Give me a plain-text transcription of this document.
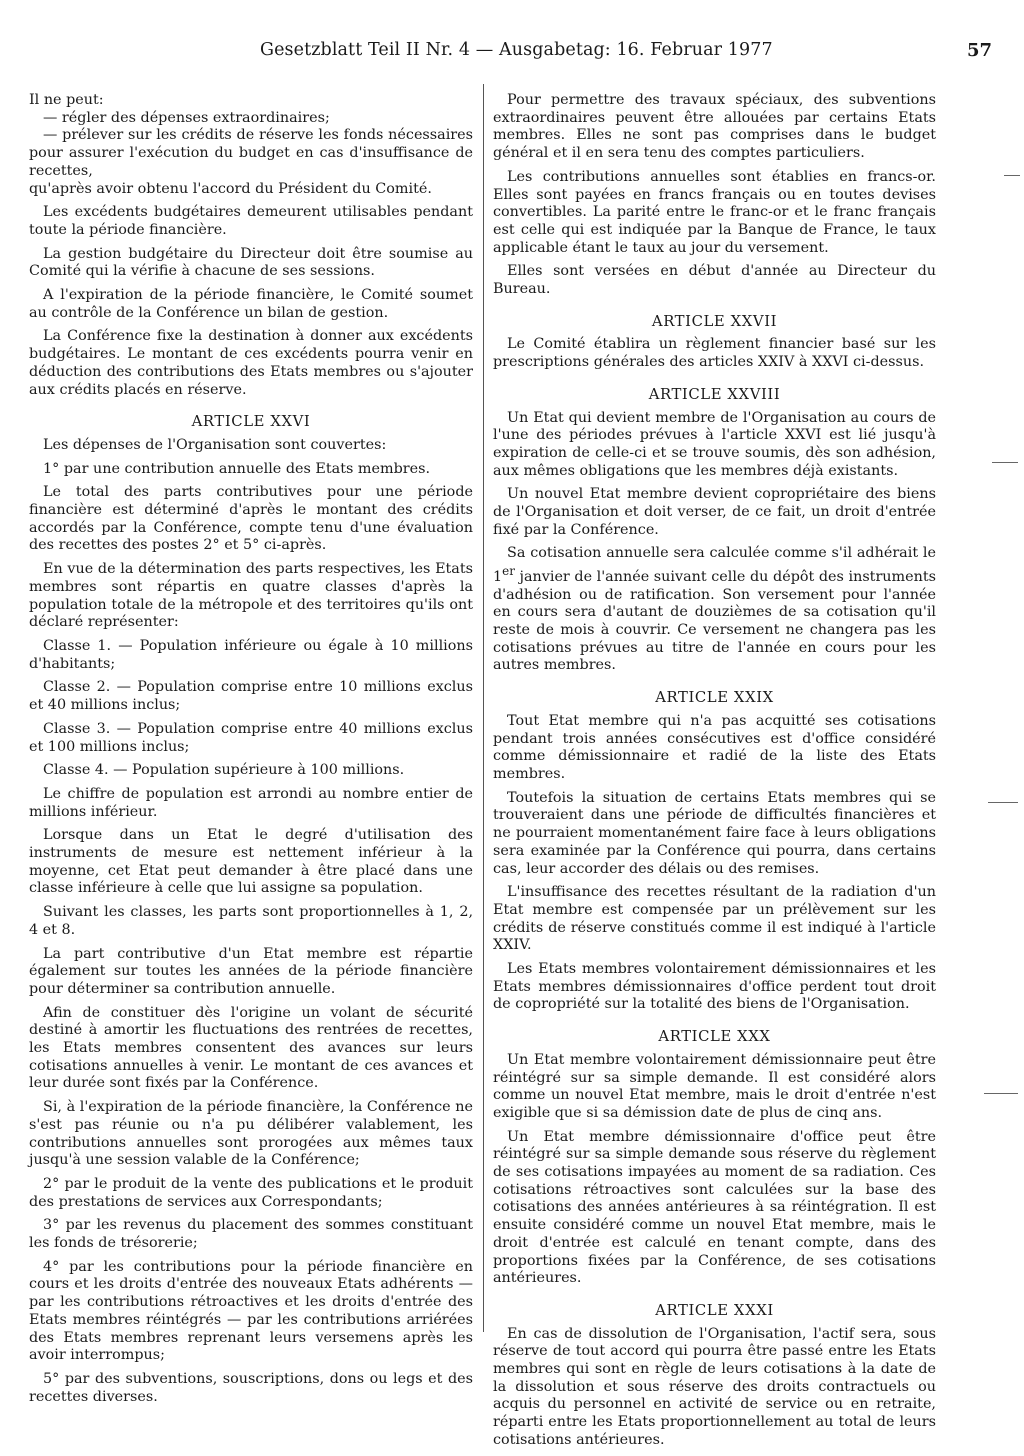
Gesetzblatt Teil II Nr. 4 — Ausgabetag: 16. Februar 1977	57

Il ne peut:

— régler des dépenses extraordinaires;

— prélever sur les crédits de réserve les fonds nécessaires pour assurer l'exécution du budget en cas d'insuffisance de recettes,

qu'après avoir obtenu l'accord du Président du Comité.

Les excédents budgétaires demeurent utilisables pendant toute la période financière.

La gestion budgétaire du Directeur doit être soumise au Comité qui la vérifie à chacune de ses sessions.

A l'expiration de la période financière, le Comité soumet au contrôle de la Conférence un bilan de gestion.

La Conférence fixe la destination à donner aux excédents budgétaires. Le montant de ces excédents pourra venir en déduction des contributions des Etats membres ou s'ajouter aux crédits placés en réserve.

ARTICLE XXVI

Les dépenses de l'Organisation sont couvertes:

1° par une contribution annuelle des Etats membres.

Le total des parts contributives pour une période financière est déterminé d'après le montant des crédits accordés par la Conférence, compte tenu d'une évaluation des recettes des postes 2° et 5° ci-après.

En vue de la détermination des parts respectives, les Etats membres sont répartis en quatre classes d'après la population totale de la métropole et des territoires qu'ils ont déclaré représenter:

Classe 1. — Population inférieure ou égale à 10 millions d'habitants;

Classe 2. — Population comprise entre 10 millions exclus et 40 millions inclus;

Classe 3. — Population comprise entre 40 millions exclus et 100 millions inclus;

Classe 4. — Population supérieure à 100 millions.

Le chiffre de population est arrondi au nombre entier de millions inférieur.

Lorsque dans un Etat le degré d'utilisation des instruments de mesure est nettement inférieur à la moyenne, cet Etat peut demander à être placé dans une classe inférieure à celle que lui assigne sa population.

Suivant les classes, les parts sont proportionnelles à 1, 2, 4 et 8.

La part contributive d'un Etat membre est répartie également sur toutes les années de la période financière pour déterminer sa contribution annuelle.

Afin de constituer dès l'origine un volant de sécurité destiné à amortir les fluctuations des rentrées de recettes, les Etats membres consentent des avances sur leurs cotisations annuelles à venir. Le montant de ces avances et leur durée sont fixés par la Conférence.

Si, à l'expiration de la période financière, la Conférence ne s'est pas réunie ou n'a pu délibérer valablement, les contributions annuelles sont prorogées aux mêmes taux jusqu'à une session valable de la Conférence;

2° par le produit de la vente des publications et le produit des prestations de services aux Correspondants;

3° par les revenus du placement des sommes constituant les fonds de trésorerie;

4° par les contributions pour la période financière en cours et les droits d'entrée des nouveaux Etats adhérents — par les contributions rétroactives et les droits d'entrée des Etats membres réintégrés — par les contributions arriérées des Etats membres reprenant leurs versemens après les avoir interrompus;

5° par des subventions, souscriptions, dons ou legs et des recettes diverses.

Pour permettre des travaux spéciaux, des subventions extraordinaires peuvent être allouées par certains Etats membres. Elles ne sont pas comprises dans le budget général et il en sera tenu des comptes particuliers.

Les contributions annuelles sont établies en francs-or. Elles sont payées en francs français ou en toutes devises convertibles. La parité entre le franc-or et le franc français est celle qui est indiquée par la Banque de France, le taux applicable étant le taux au jour du versement.

Elles sont versées en début d'année au Directeur du Bureau.

ARTICLE XXVII

Le Comité établira un règlement financier basé sur les prescriptions générales des articles XXIV à XXVI ci-dessus.

ARTICLE XXVIII

Un Etat qui devient membre de l'Organisation au cours de l'une des périodes prévues à l'article XXVI est lié jusqu'à expiration de celle-ci et se trouve soumis, dès son adhésion, aux mêmes obligations que les membres déjà existants.

Un nouvel Etat membre devient copropriétaire des biens de l'Organisation et doit verser, de ce fait, un droit d'entrée fixé par la Conférence.

Sa cotisation annuelle sera calculée comme s'il adhérait le 1er janvier de l'année suivant celle du dépôt des instruments d'adhésion ou de ratification. Son versement pour l'année en cours sera d'autant de douzièmes de sa cotisation qu'il reste de mois à couvrir. Ce versement ne changera pas les cotisations prévues au titre de l'année en cours pour les autres membres.

ARTICLE XXIX

Tout Etat membre qui n'a pas acquitté ses cotisations pendant trois années consécutives est d'office considéré comme démissionnaire et radié de la liste des Etats membres.

Toutefois la situation de certains Etats membres qui se trouveraient dans une période de difficultés financières et ne pourraient momentanément faire face à leurs obligations sera examinée par la Conférence qui pourra, dans certains cas, leur accorder des délais ou des remises.

L'insuffisance des recettes résultant de la radiation d'un Etat membre est compensée par un prélèvement sur les crédits de réserve constitués comme il est indiqué à l'article XXIV.

Les Etats membres volontairement démissionnaires et les Etats membres démissionnaires d'office perdent tout droit de copropriété sur la totalité des biens de l'Organisation.

ARTICLE XXX

Un Etat membre volontairement démissionnaire peut être réintégré sur sa simple demande. Il est considéré alors comme un nouvel Etat membre, mais le droit d'entrée n'est exigible que si sa démission date de plus de cinq ans.

Un Etat membre démissionnaire d'office peut être réintégré sur sa simple demande sous réserve du règlement de ses cotisations impayées au moment de sa radiation. Ces cotisations rétroactives sont calculées sur la base des cotisations des années antérieures à sa réintégration. Il est ensuite considéré comme un nouvel Etat membre, mais le droit d'entrée est calculé en tenant compte, dans des proportions fixées par la Conférence, de ses cotisations antérieures.

ARTICLE XXXI

En cas de dissolution de l'Organisation, l'actif sera, sous réserve de tout accord qui pourra être passé entre les Etats membres qui sont en règle de leurs cotisations à la date de la dissolution et sous réserve des droits contractuels ou acquis du personnel en activité de service ou en retraite, réparti entre les Etats proportionnellement au total de leurs cotisations antérieures.
